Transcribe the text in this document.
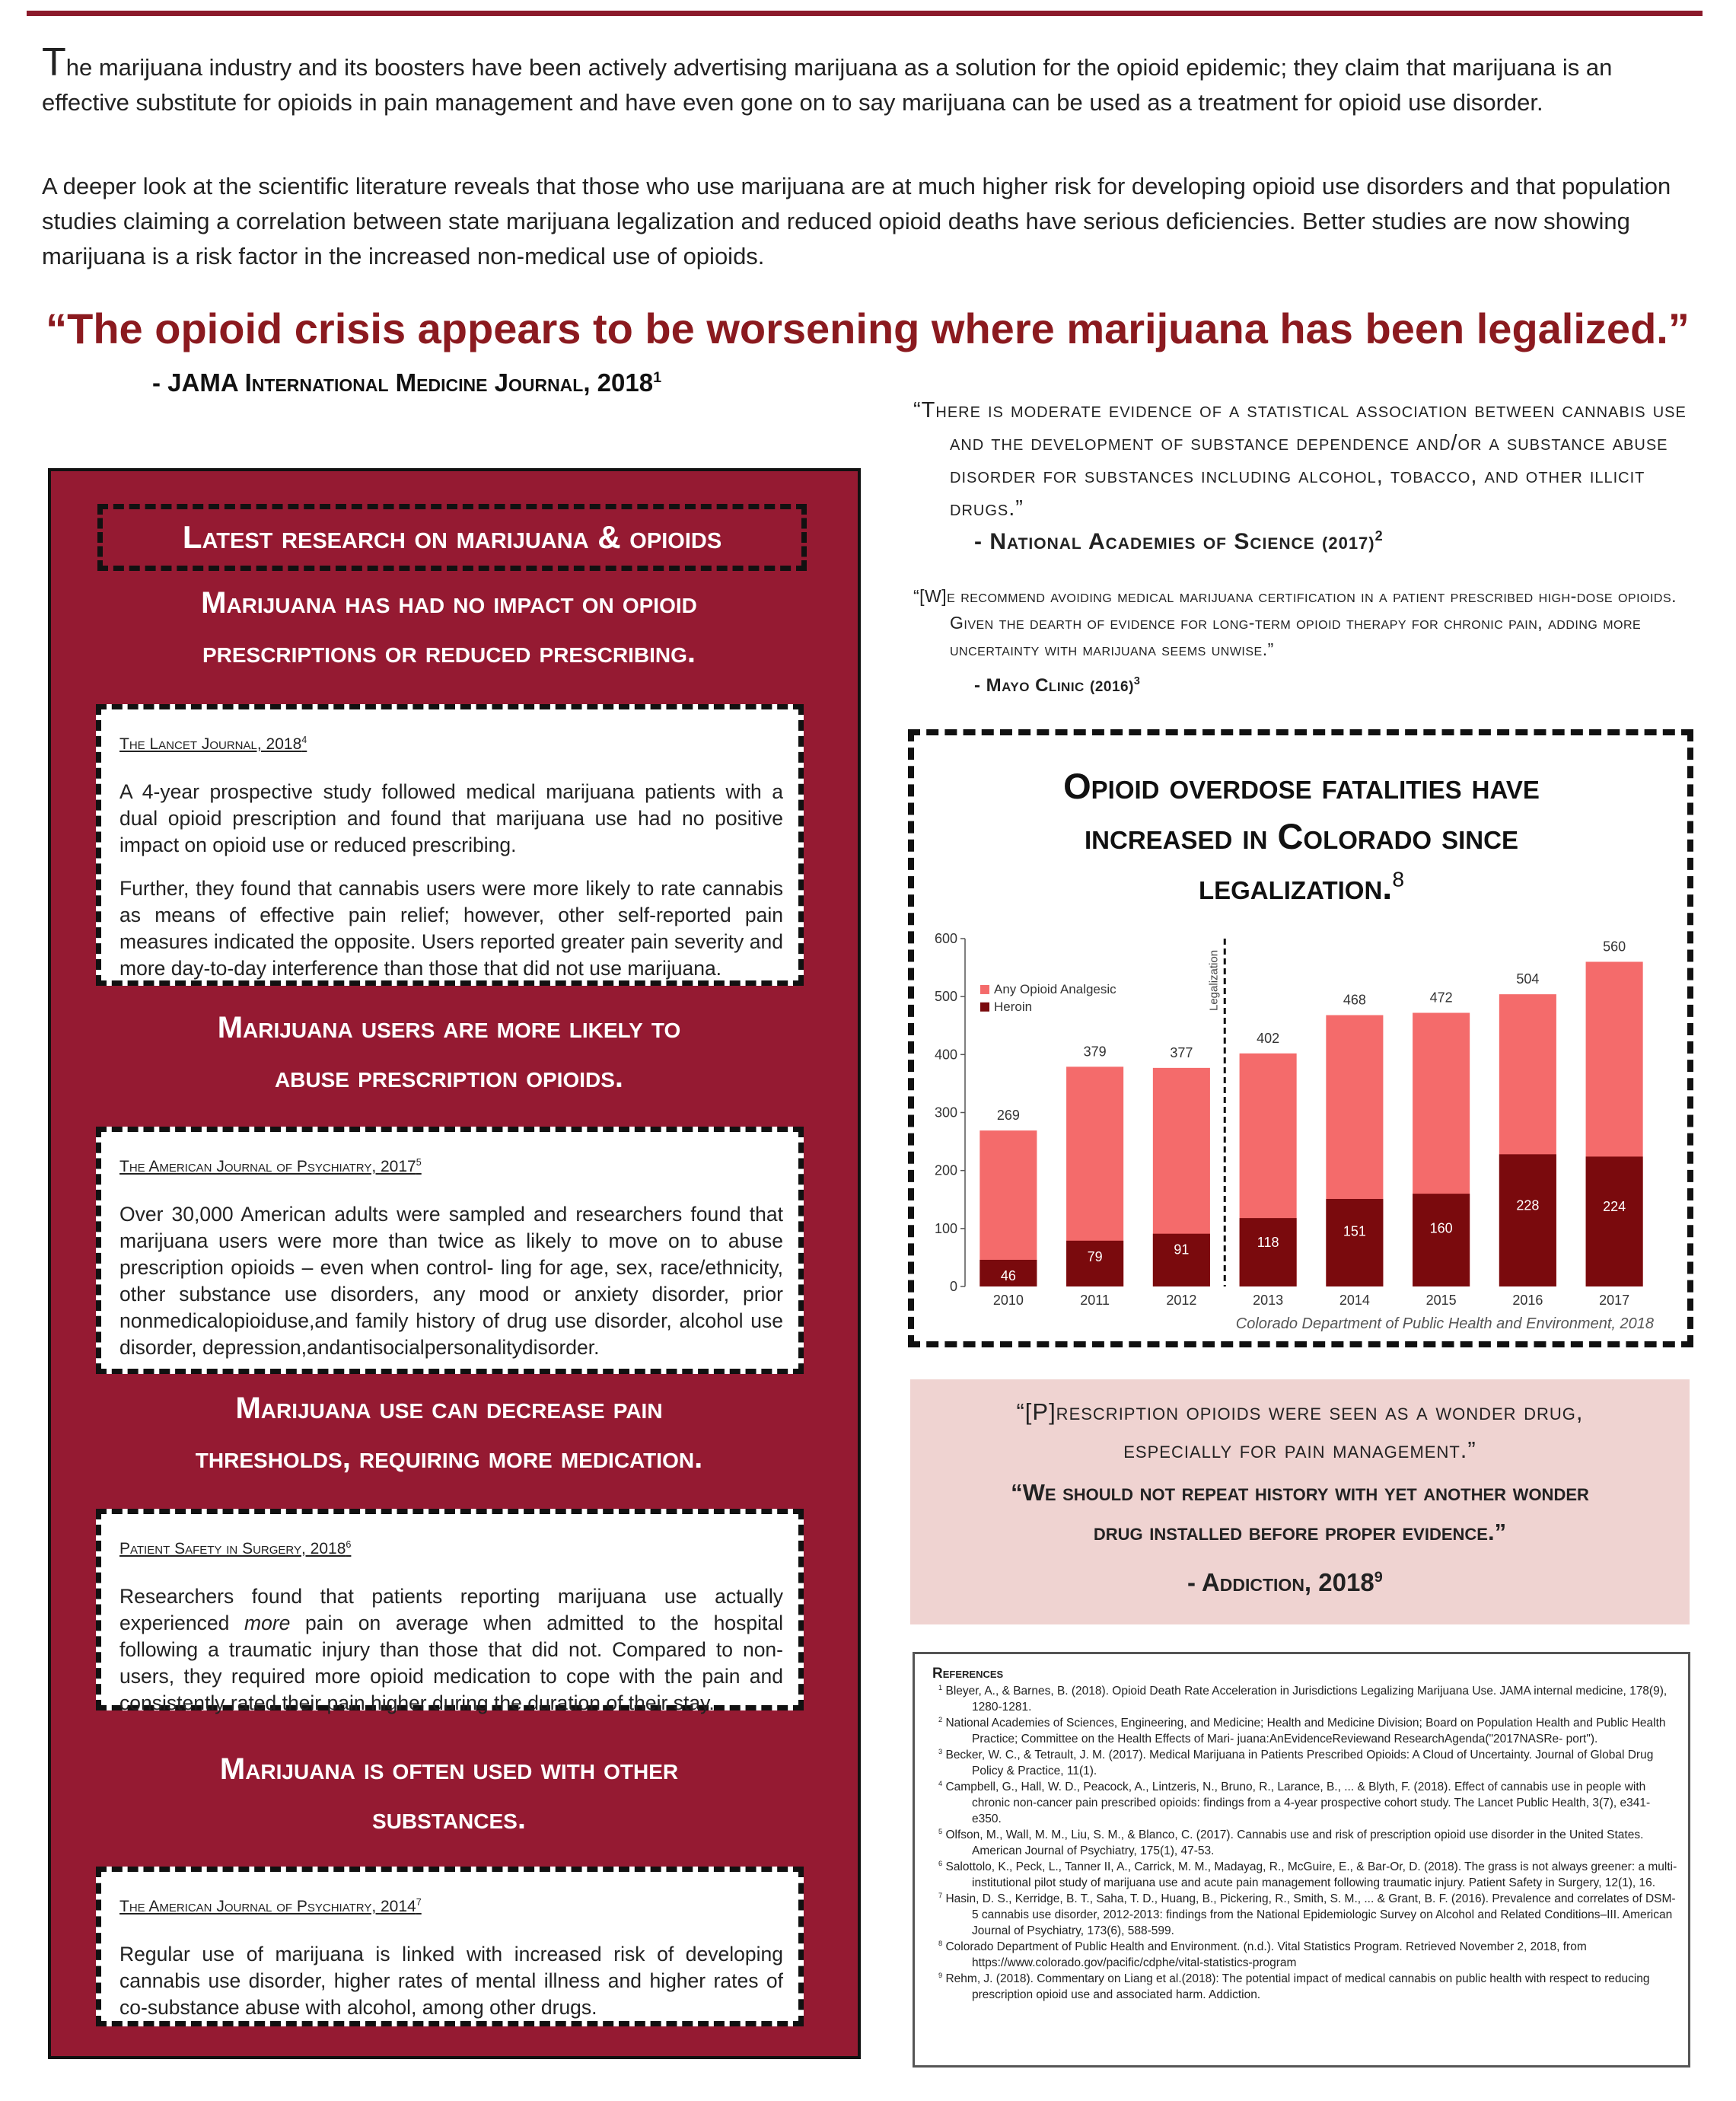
The marijuana industry and its boosters have been actively advertising marijuana as a solution for the opioid epidemic; they claim that marijuana is an effective substitute for opioids in pain management and have even gone on to say marijuana can be used as a treatment for opioid use disorder.
A deeper look at the scientific literature reveals that those who use marijuana are at much higher risk for developing opioid use disorders and that population studies claiming a correlation between state marijuana legalization and reduced opioid deaths have serious deficiencies. Better studies are now showing marijuana is a risk factor in the increased non-medical use of opioids.
“The opioid crisis appears to be worsening where marijuana has been legalized.”
- JAMA International Medicine Journal, 2018$^1$
Latest research on marijuana & opioids
Marijuana has had no impact on opioid
prescriptions or reduced prescribing.
The Lancet Journal, 2018$^4$

A 4-year prospective study followed medical marijuana patients with a dual opioid prescription and found that marijuana use had no positive impact on opioid use or reduced prescribing.

Further, they found that cannabis users were more likely to rate cannabis as means of effective pain relief; however, other self-reported pain measures indicated the opposite. Users reported greater pain severity and more day-to-day interference than those that did not use marijuana.

Marijuana users are more likely to
abuse prescription opioids.
The American Journal of Psychiatry, 2017$^5$

Over 30,000 American adults were sampled and researchers found that marijuana users were more than twice as likely to move on to abuse prescription opioids – even when control- ling for age, sex, race/ethnicity, other substance use disorders, any mood or anxiety disorder, prior nonmedicalopioiduse,and family history of drug use disorder, alcohol use disorder, depression,andantisocialpersonalitydisorder.

Marijuana use can decrease pain
thresholds, requiring more medication.
Patient Safety in Surgery, 2018$^6$

Researchers found that patients reporting marijuana use actually experienced more pain on average when admitted to the hospital following a traumatic injury than those that did not. Compared to non-users, they required more opioid medication to cope with the pain and consistently rated their pain higher during the duration of their stay.

Marijuana is often used with other
substances.
The American Journal of Psychiatry, 2014$^7$

Regular use of marijuana is linked with increased risk of developing cannabis use disorder, higher rates of mental illness and higher rates of co-substance abuse with alcohol, among other drugs.

“There is moderate evidence of a statistical association between cannabis use and the development of substance dependence and/or a substance abuse disorder for substances including alcohol, tobacco, and other illicit drugs.”
- National Academies of Science $(2017)^2$
“[W]e recommend avoiding medical marijuana certification in a patient prescribed high-dose opioids. Given the dearth of evidence for long-term opioid therapy for chronic pain, adding more uncertainty with marijuana seems unwise.”
- Mayo Clinic $(2016)^3$
Opioid overdose fatalities have
increased in Colorado since
legalization.$^8$
0
100
200
300
400
500
600
269
46
2010
379
79
2011
377
91
2012
402
118
2013
468
151
2014
472
160
2015
504
228
2016
560
224
2017
Legalization
Any Opioid Analgesic
Heroin
Colorado Department of Public Health and Environment, 2018
“[P]rescription opioids were seen as a wonder drug,
especially for pain management.”
“We should not repeat history with yet another wonder
drug installed before proper evidence.”
- Addiction, 2018$^9$
References
$^1$ Bleyer, A., & Barnes, B. (2018). Opioid Death Rate Acceleration in Jurisdictions Legalizing Marijuana Use. JAMA internal medicine, 178(9), 1280-1281.
$^2$ National Academies of Sciences, Engineering, and Medicine; Health and Medicine Division; Board on Population Health and Public Health Practice; Committee on the Health Effects of Mari- juana:AnEvidenceReviewand ResearchAgenda("2017NASRe- port").
$^3$ Becker, W. C., & Tetrault, J. M. (2017). Medical Marijuana in Patients Prescribed Opioids: A Cloud of Uncertainty. Journal of Global Drug Policy & Practice, 11(1).
$^4$ Campbell, G., Hall, W. D., Peacock, A., Lintzeris, N., Bruno, R., Larance, B., ... & Blyth, F. (2018). Effect of cannabis use in people with chronic non-cancer pain prescribed opioids: findings from a 4-year prospective cohort study. The Lancet Public Health, 3(7), e341-e350.
$^5$ Olfson, M., Wall, M. M., Liu, S. M., & Blanco, C. (2017). Cannabis use and risk of prescription opioid use disorder in the United States. American Journal of Psychiatry, 175(1), 47-53.
$^6$ Salottolo, K., Peck, L., Tanner II, A., Carrick, M. M., Madayag, R., McGuire, E., & Bar-Or, D. (2018). The grass is not always greener: a multi-institutional pilot study of marijuana use and acute pain management following traumatic injury. Patient Safety in Surgery, 12(1), 16.
$^7$ Hasin, D. S., Kerridge, B. T., Saha, T. D., Huang, B., Pickering, R., Smith, S. M., ... & Grant, B. F. (2016). Prevalence and correlates of DSM-5 cannabis use disorder, 2012-2013: findings from the National Epidemiologic Survey on Alcohol and Related Conditions–III. American Journal of Psychiatry, 173(6), 588-599.
$^8$ Colorado Department of Public Health and Environment. (n.d.). Vital Statistics Program. Retrieved November 2, 2018, from https://www.colorado.gov/pacific/cdphe/vital-statistics-program
$^9$ Rehm, J. (2018). Commentary on Liang et al.(2018): The potential impact of medical cannabis on public health with respect to reducing prescription opioid use and associated harm. Addiction.
